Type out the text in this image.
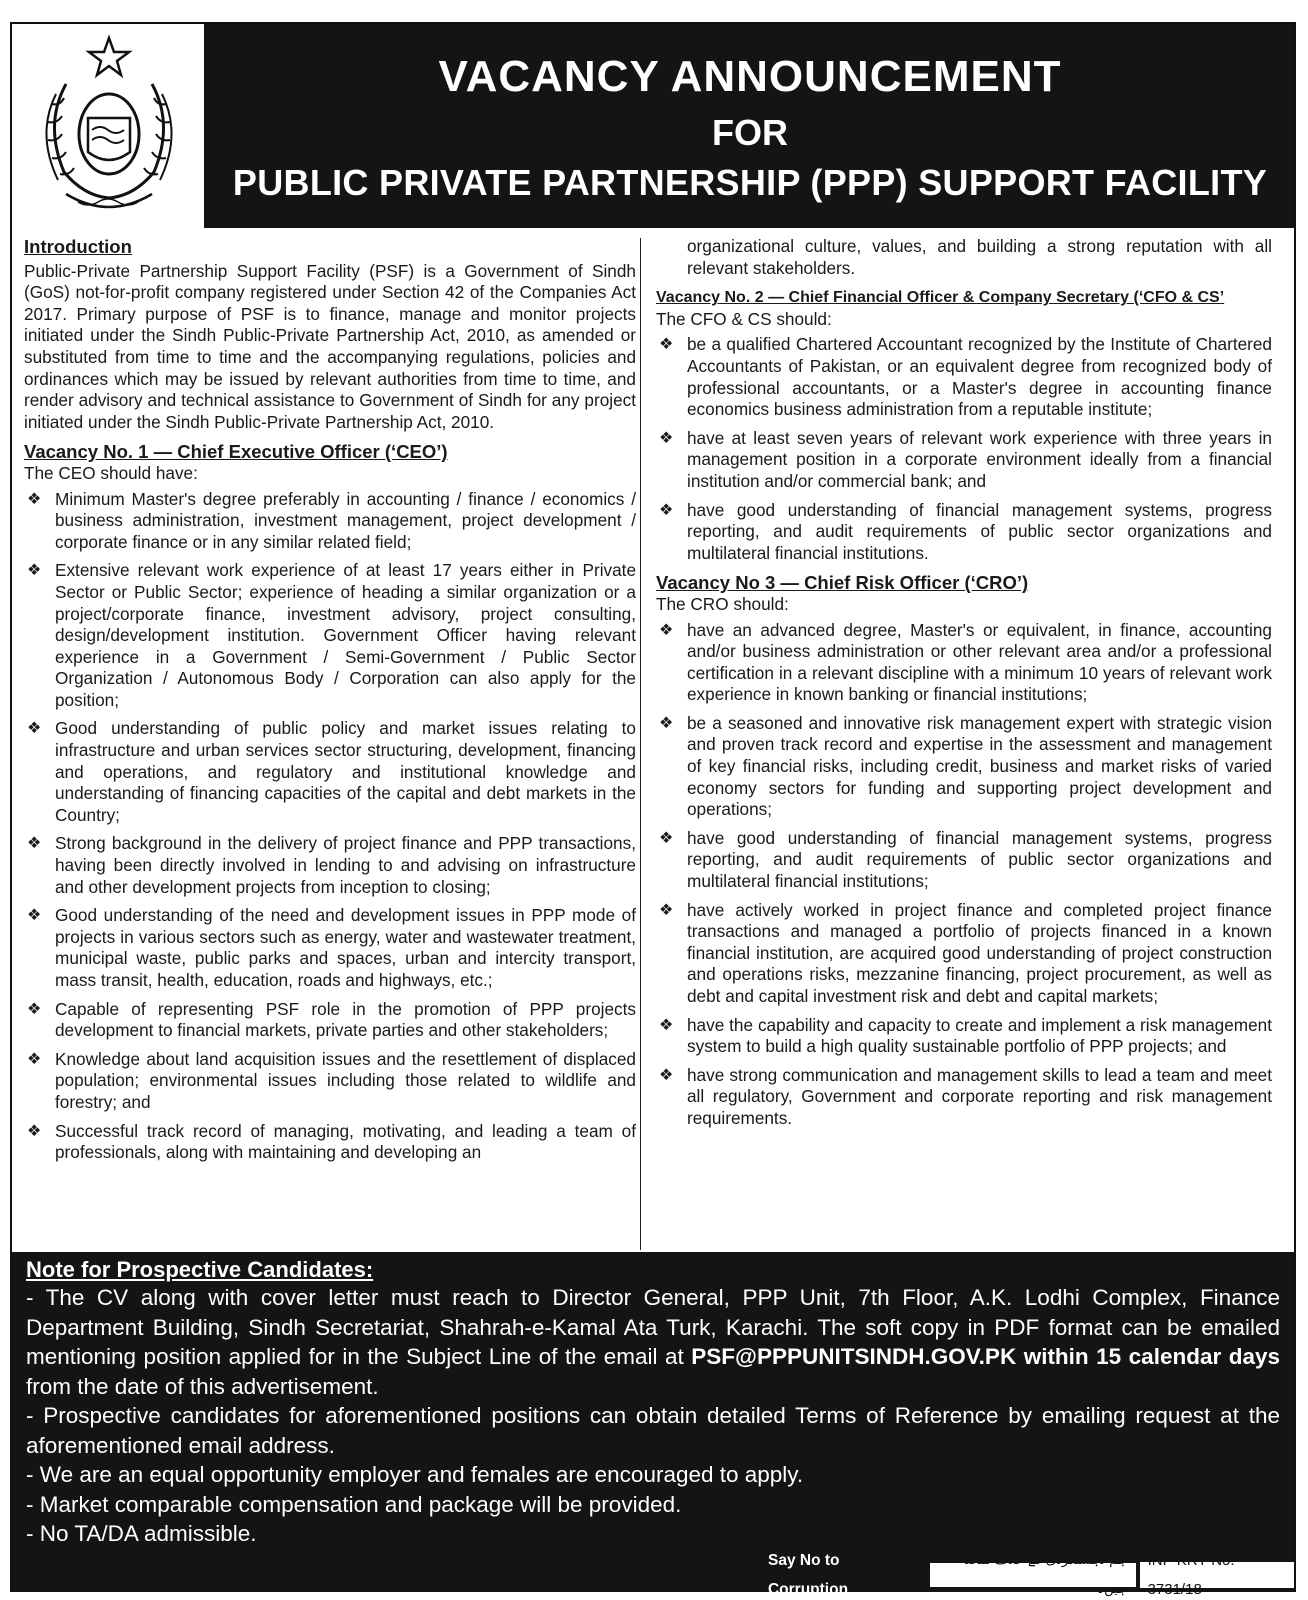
VACANCY ANNOUNCEMENT
FOR
PUBLIC PRIVATE PARTNERSHIP (PPP) SUPPORT FACILITY
Introduction

Public-Private Partnership Support Facility (PSF) is a Government of Sindh (GoS) not-for-profit company registered under Section 42 of the Companies Act 2017. Primary purpose of PSF is to finance, manage and monitor projects initiated under the Sindh Public-Private Partnership Act, 2010, as amended or substituted from time to time and the accompanying regulations, policies and ordinances which may be issued by relevant authorities from time to time, and render advisory and technical assistance to Government of Sindh for any project initiated under the Sindh Public-Private Partnership Act, 2010.

Vacancy No. 1 — Chief Executive Officer (‘CEO’)

The CEO should have:

❖ Minimum Master's degree preferably in accounting / finance / economics / business administration, investment management, project development / corporate finance or in any similar related field;
❖ Extensive relevant work experience of at least 17 years either in Private Sector or Public Sector; experience of heading a similar organization or a project/corporate finance, investment advisory, project consulting, design/development institution. Government Officer having relevant experience in a Government / Semi-Government / Public Sector Organization / Autonomous Body / Corporation can also apply for the position;
❖ Good understanding of public policy and market issues relating to infrastructure and urban services sector structuring, development, financing and operations, and regulatory and institutional knowledge and understanding of financing capacities of the capital and debt markets in the Country;
❖ Strong background in the delivery of project finance and PPP transactions, having been directly involved in lending to and advising on infrastructure and other development projects from inception to closing;
❖ Good understanding of the need and development issues in PPP mode of projects in various sectors such as energy, water and wastewater treatment, municipal waste, public parks and spaces, urban and intercity transport, mass transit, health, education, roads and highways, etc.;
❖ Capable of representing PSF role in the promotion of PPP projects development to financial markets, private parties and other stakeholders;
❖ Knowledge about land acquisition issues and the resettlement of displaced population; environmental issues including those related to wildlife and forestry; and
❖ Successful track record of managing, motivating, and leading a team of professionals, along with maintaining and developing an

organizational culture, values, and building a strong reputation with all relevant stakeholders.

Vacancy No. 2 — Chief Financial Officer & Company Secretary (‘CFO & CS’

The CFO & CS should:

❖ be a qualified Chartered Accountant recognized by the Institute of Chartered Accountants of Pakistan, or an equivalent degree from recognized body of professional accountants, or a Master's degree in accounting finance economics business administration from a reputable institute;
❖ have at least seven years of relevant work experience with three years in management position in a corporate environment ideally from a financial institution and/or commercial bank; and
❖ have good understanding of financial management systems, progress reporting, and audit requirements of public sector organizations and multilateral financial institutions.
Vacancy No 3 — Chief Risk Officer (‘CRO’)

The CRO should:

❖ have an advanced degree, Master's or equivalent, in finance, accounting and/or business administration or other relevant area and/or a professional certification in a relevant discipline with a minimum 10 years of relevant work experience in known banking or financial institutions;
❖ be a seasoned and innovative risk management expert with strategic vision and proven track record and expertise in the assessment and management of key financial risks, including credit, business and market risks of varied economy sectors for funding and supporting project development and operations;
❖ have good understanding of financial management systems, progress reporting, and audit requirements of public sector organizations and multilateral financial institutions;
❖ have actively worked in project finance and completed project finance transactions and managed a portfolio of projects financed in a known financial institution, are acquired good understanding of project construction and operations risks, mezzanine financing, project procurement, as well as debt and capital investment risk and debt and capital markets;
❖ have the capability and capacity to create and implement a risk management system to build a high quality sustainable portfolio of PPP projects; and
❖ have strong communication and management skills to lead a team and meet all regulatory, Government and corporate reporting and risk management requirements.
Note for Prospective Candidates:

- The CV along with cover letter must reach to Director General, PPP Unit, 7th Floor, A.K. Lodhi Complex, Finance Department Building, Sindh Secretariat, Shahrah-e-Kamal Ata Turk, Karachi. The soft copy in PDF format can be emailed mentioning position applied for in the Subject Line of the email at PSF@PPPUNITSINDH.GOV.PK within 15 calendar days from the date of this advertisement.

- Prospective candidates for aforementioned positions can obtain detailed Terms of Reference by emailing request at the aforementioned email address.

- We are an equal opportunity employer and females are encouraged to apply.

- Market comparable compensation and package will be provided.

- No TA/DA admissible.

Say No to Corruption
ہم دہشتگردی کے خلاف متحد ہیں۔
INF-KRY No. 3731/18
